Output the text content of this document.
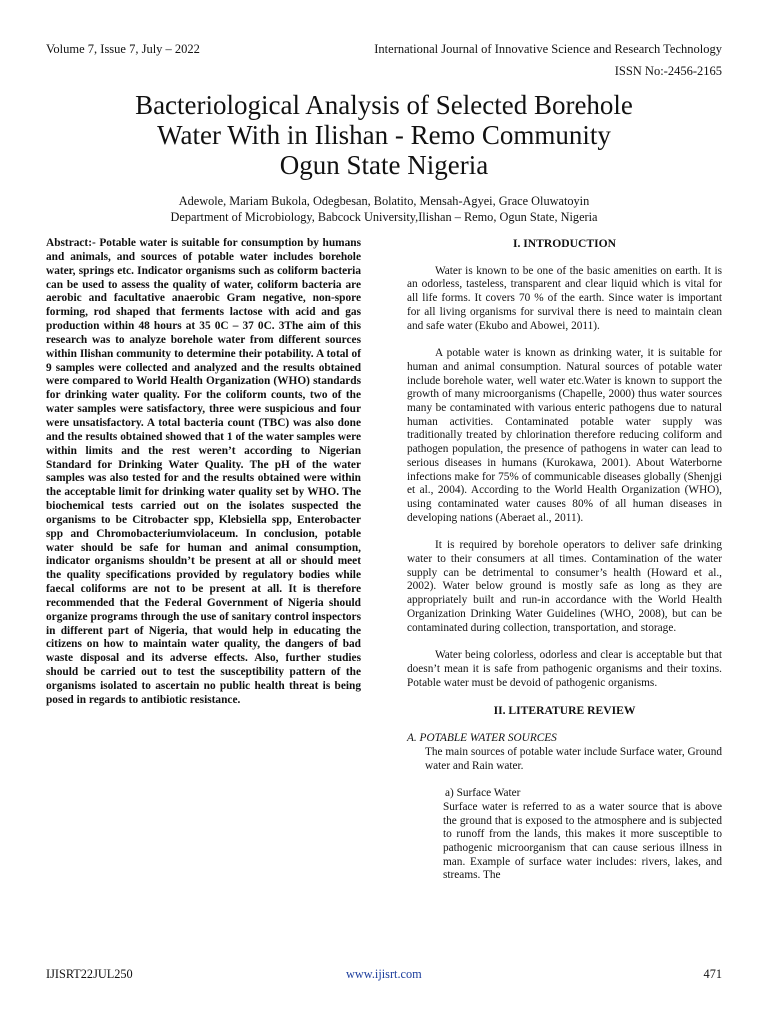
Volume 7, Issue 7, July – 2022	International Journal of Innovative Science and Research Technology
ISSN No:-2456-2165
Bacteriological Analysis of Selected Borehole
Water With in Ilishan - Remo Community
Ogun State Nigeria
Adewole, Mariam Bukola, Odegbesan, Bolatito, Mensah-Agyei, Grace Oluwatoyin
Department of Microbiology, Babcock University,Ilishan – Remo, Ogun State, Nigeria

Abstract:- Potable water is suitable for consumption by humans and animals, and sources of potable water includes borehole water, springs etc. Indicator organisms such as coliform bacteria can be used to assess the quality of water, coliform bacteria are aerobic and facultative anaerobic Gram negative, non-spore forming, rod shaped that ferments lactose with acid and gas production within 48 hours at 35 0C – 37 0C. 3The aim of this research was to analyze borehole water from different sources within Ilishan community to determine their potability. A total of 9 samples were collected and analyzed and the results obtained were compared to World Health Organization (WHO) standards for drinking water quality. For the coliform counts, two of the water samples were satisfactory, three were suspicious and four were unsatisfactory. A total bacteria count (TBC) was also done and the results obtained showed that 1 of the water samples were within limits and the rest weren’t according to Nigerian Standard for Drinking Water Quality. The pH of the water samples was also tested for and the results obtained were within the acceptable limit for drinking water quality set by WHO. The biochemical tests carried out on the isolates suspected the organisms to be Citrobacter spp, Klebsiella spp, Enterobacter spp and Chromobacteriumviolaceum. In conclusion, potable water should be safe for human and animal consumption, indicator organisms shouldn’t be present at all or should meet the quality specifications provided by regulatory bodies while faecal coliforms are not to be present at all. It is therefore recommended that the Federal Government of Nigeria should organize programs through the use of sanitary control inspectors in different part of Nigeria, that would help in educating the citizens on how to maintain water quality, the dangers of bad waste disposal and its adverse effects. Also, further studies should be carried out to test the susceptibility pattern of the organisms isolated to ascertain no public health threat is being posed in regards to antibiotic resistance.

I. INTRODUCTION

Water is known to be one of the basic amenities on earth. It is an odorless, tasteless, transparent and clear liquid which is vital for all life forms. It covers 70 % of the earth. Since water is important for all living organisms for survival there is need to maintain clean and safe water (Ekubo and Abowei, 2011).

A potable water is known as drinking water, it is suitable for human and animal consumption. Natural sources of potable water include borehole water, well water etc.Water is known to support the growth of many microorganisms (Chapelle, 2000) thus water sources many be contaminated with various enteric pathogens due to natural human activities. Contaminated potable water supply was traditionally treated by chlorination therefore reducing coliform and pathogen population, the presence of pathogens in water can lead to serious diseases in humans (Kurokawa, 2001). About Waterborne infections make for 75% of communicable diseases globally (Shenjgi et al., 2004). According to the World Health Organization (WHO), using contaminated water causes 80% of all human diseases in developing nations (Aberaet al., 2011).

It is required by borehole operators to deliver safe drinking water to their consumers at all times. Contamination of the water supply can be detrimental to consumer’s health (Howard et al., 2002). Water below ground is mostly safe as long as they are appropriately built and run-in accordance with the World Health Organization Drinking Water Guidelines (WHO, 2008), but can be contaminated during collection, transportation, and storage.

Water being colorless, odorless and clear is acceptable but that doesn’t mean it is safe from pathogenic organisms and their toxins. Potable water must be devoid of pathogenic organisms.

II. LITERATURE REVIEW

A. POTABLE WATER SOURCES

The main sources of potable water include Surface water, Ground water and Rain water.

a) Surface Water

Surface water is referred to as a water source that is above the ground that is exposed to the atmosphere and is subjected to runoff from the lands, this makes it more susceptible to pathogenic microorganism that can cause serious illness in man. Example of surface water includes: rivers, lakes, and streams. The

IJISRT22JUL250	www.ijisrt.com	471
